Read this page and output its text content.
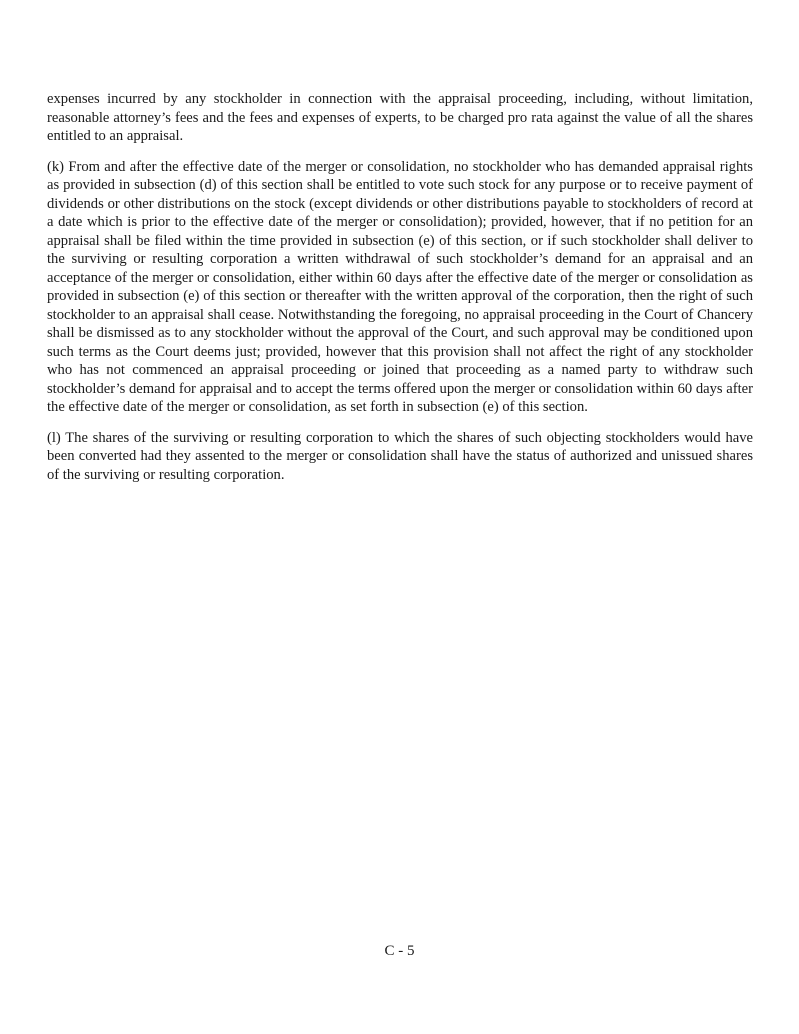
expenses incurred by any stockholder in connection with the appraisal proceeding, including, without limitation, reasonable attorney’s fees and the fees and expenses of experts, to be charged pro rata against the value of all the shares entitled to an appraisal.

(k) From and after the effective date of the merger or consolidation, no stockholder who has demanded appraisal rights as provided in subsection (d) of this section shall be entitled to vote such stock for any purpose or to receive payment of dividends or other distributions on the stock (except dividends or other distributions payable to stockholders of record at a date which is prior to the effective date of the merger or consolidation); provided, however, that if no petition for an appraisal shall be filed within the time provided in subsection (e) of this section, or if such stockholder shall deliver to the surviving or resulting corporation a written withdrawal of such stockholder’s demand for an appraisal and an acceptance of the merger or consolidation, either within 60 days after the effective date of the merger or consolidation as provided in subsection (e) of this section or thereafter with the written approval of the corporation, then the right of such stockholder to an appraisal shall cease. Notwithstanding the foregoing, no appraisal proceeding in the Court of Chancery shall be dismissed as to any stockholder without the approval of the Court, and such approval may be conditioned upon such terms as the Court deems just; provided, however that this provision shall not affect the right of any stockholder who has not commenced an appraisal proceeding or joined that proceeding as a named party to withdraw such stockholder’s demand for appraisal and to accept the terms offered upon the merger or consolidation within 60 days after the effective date of the merger or consolidation, as set forth in subsection (e) of this section.

(l) The shares of the surviving or resulting corporation to which the shares of such objecting stockholders would have been converted had they assented to the merger or consolidation shall have the status of authorized and unissued shares of the surviving or resulting corporation.

C - 5
